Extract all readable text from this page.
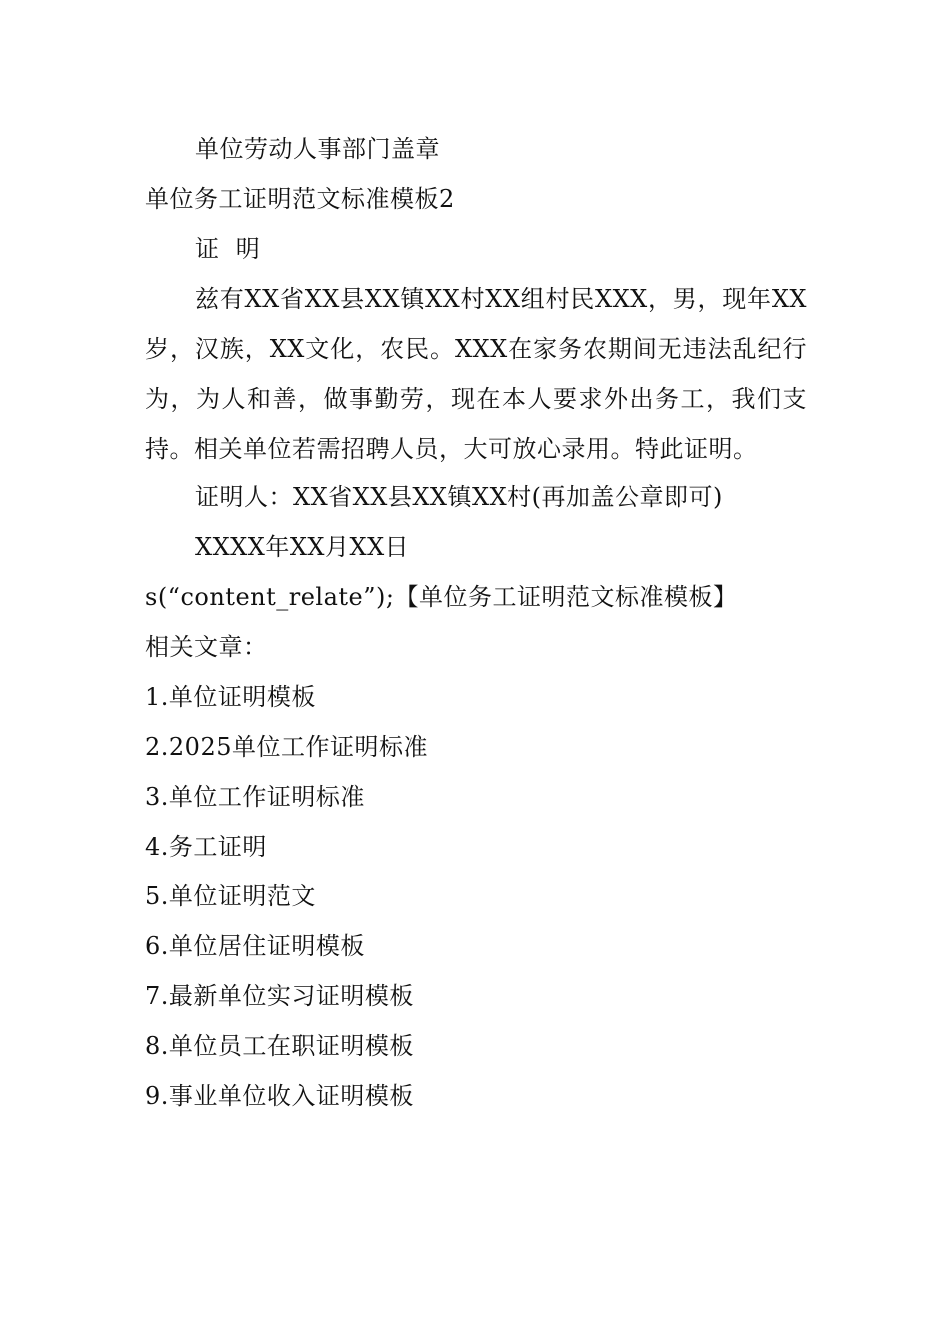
单位劳动人事部门盖章
单位务工证明范文标准模板2
证  明
兹有XX省XX县XX镇XX村XX组村民XXX，男，现年XX岁，汉族，XX文化，农民。XXX在家务农期间无违法乱纪行为，为人和善，做事勤劳，现在本人要求外出务工，我们支持。相关单位若需招聘人员，大可放心录用。特此证明。
证明人：XX省XX县XX镇XX村(再加盖公章即可)
XXXX年XX月XX日
s(“content_relate”);【单位务工证明范文标准模板】
相关文章：
1.单位证明模板
2.2025单位工作证明标准
3.单位工作证明标准
4.务工证明
5.单位证明范文
6.单位居住证明模板
7.最新单位实习证明模板
8.单位员工在职证明模板
9.事业单位收入证明模板
